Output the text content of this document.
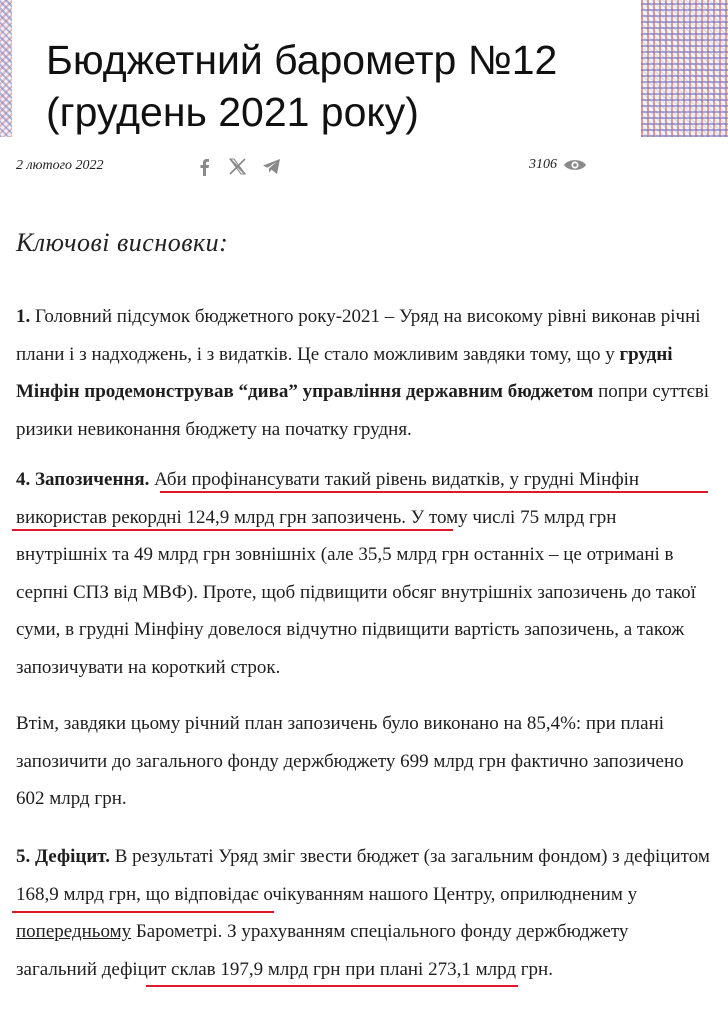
Бюджетний барометр №12 (грудень 2021 року)
2 лютого 2022	3106
Ключові висновки:

1. Головний підсумок бюджетного року-2021 – Уряд на високому рівні виконав річні плани і з надходжень, і з видатків. Це стало можливим завдяки тому, що у грудні Мінфін продемонстрував “дива” управління державним бюджетом попри суттєві ризики невиконання бюджету на початку грудня.

4. Запозичення. Аби профінансувати такий рівень видатків, у грудні Мінфін використав рекордні 124,9 млрд грн запозичень. У тому числі 75 млрд грн внутрішніх та 49 млрд грн зовнішніх (але 35,5 млрд грн останніх – це отримані в серпні СПЗ від МВФ). Проте, щоб підвищити обсяг внутрішніх запозичень до такої суми, в грудні Мінфіну довелося відчутно підвищити вартість запозичень, а також запозичувати на короткий строк.

Втім, завдяки цьому річний план запозичень було виконано на 85,4%: при плані запозичити до загального фонду держбюджету 699 млрд грн фактично запозичено 602 млрд грн.

5. Дефіцит. В результаті Уряд зміг звести бюджет (за загальним фондом) з дефіцитом 168,9 млрд грн, що відповідає очікуванням нашого Центру, оприлюдненим у попередньому Барометрі. З урахуванням спеціального фонду держбюджету загальний дефіцит склав 197,9 млрд грн при плані 273,1 млрд грн.
